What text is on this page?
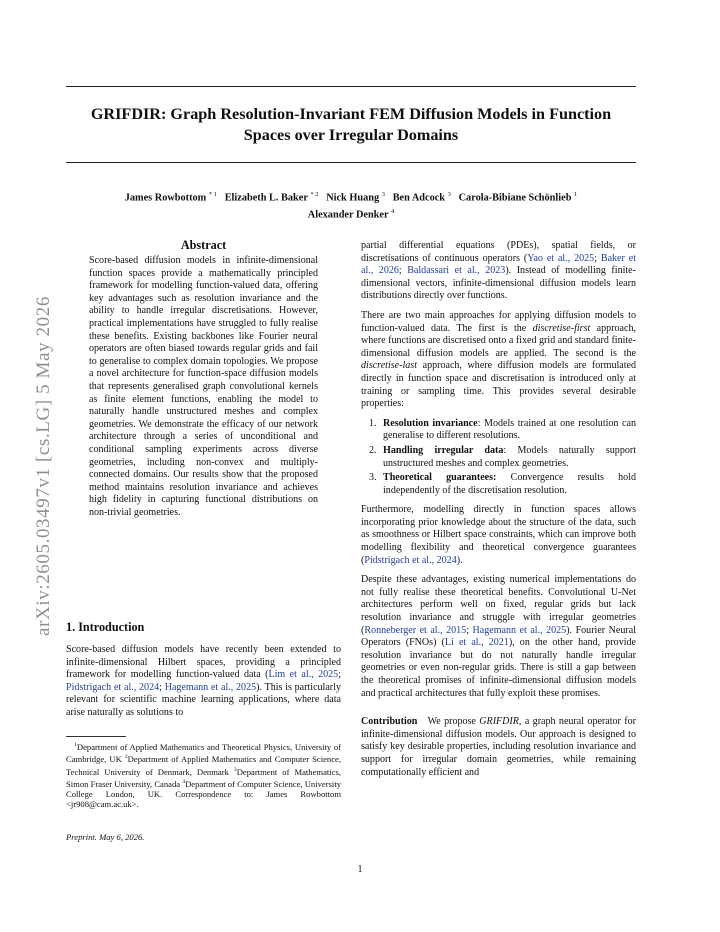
arXiv:2605.03497v1 [cs.LG] 5 May 2026
GRIFDIR: Graph Resolution-Invariant FEM Diffusion Models in Function
Spaces over Irregular Domains
James Rowbottom $^{* 1}$ Elizabeth L. Baker $^{* 2}$ Nick Huang $^3$ Ben Adcock $^3$ Carola-Bibiane Schönlieb $^1$
Alexander Denker $^4$
Abstract
Score-based diffusion models in infinite-dimensional function spaces provide a mathematically principled framework for modelling function-valued data, offering key advantages such as resolution invariance and the ability to handle irregular discretisations. However, practical implementations have struggled to fully realise these benefits. Existing backbones like Fourier neural operators are often biased towards regular grids and fail to generalise to complex domain topologies. We propose a novel architecture for function-space diffusion models that represents generalised graph convolutional kernels as finite element functions, enabling the model to naturally handle unstructured meshes and complex geometries. We demonstrate the efficacy of our network architecture through a series of unconditional and conditional sampling experiments across diverse geometries, including non-convex and multiply-connected domains. Our results show that the proposed method maintains resolution invariance and achieves high fidelity in capturing functional distributions on non-trivial geometries.
1. Introduction
Score-based diffusion models have recently been extended to infinite-dimensional Hilbert spaces, providing a principled framework for modelling function-valued data (Lim et al., 2025; Pidstrigach et al., 2024; Hagemann et al., 2025). This is particularly relevant for scientific machine learning applications, where data arise naturally as solutions to
$^1$Department of Applied Mathematics and Theoretical Physics, University of Cambridge, UK $^2$Department of Applied Mathematics and Computer Science, Technical University of Denmark, Denmark $^3$Department of Mathematics, Simon Fraser University, Canada $^4$Department of Computer Science, University College London, UK. Correspondence to: James Rowbottom <jr908@cam.ac.uk>.
Preprint. May 6, 2026.

partial differential equations (PDEs), spatial fields, or discretisations of continuous operators (Yao et al., 2025; Baker et al., 2026; Baldassari et al., 2023). Instead of modelling finite-dimensional vectors, infinite-dimensional diffusion models learn distributions directly over functions.

There are two main approaches for applying diffusion models to function-valued data. The first is the discretise-first approach, where functions are discretised onto a fixed grid and standard finite-dimensional diffusion models are applied. The second is the discretise-last approach, where diffusion models are formulated directly in function space and discretisation is introduced only at training or sampling time. This provides several desirable properties:

1. Resolution invariance: Models trained at one resolution can generalise to different resolutions.
2. Handling irregular data: Models naturally support unstructured meshes and complex geometries.
3. Theoretical guarantees: Convergence results hold independently of the discretisation resolution.

Furthermore, modelling directly in function spaces allows incorporating prior knowledge about the structure of the data, such as smoothness or Hilbert space constraints, which can improve both modelling flexibility and theoretical convergence guarantees (Pidstrigach et al., 2024).

Despite these advantages, existing numerical implementations do not fully realise these theoretical benefits. Convolutional U-Net architectures perform well on fixed, regular grids but lack resolution invariance and struggle with irregular geometries (Ronneberger et al., 2015; Hagemann et al., 2025). Fourier Neural Operators (FNOs) (Li et al., 2021), on the other hand, provide resolution invariance but do not naturally handle irregular geometries or even non-regular grids. There is still a gap between the theoretical promises of infinite-dimensional diffusion models and practical architectures that fully exploit these promises.

Contribution We propose GRIFDIR, a graph neural operator for infinite-dimensional diffusion models. Our approach is designed to satisfy key desirable properties, including resolution invariance and support for irregular domain geometries, while remaining computationally efficient and

1
